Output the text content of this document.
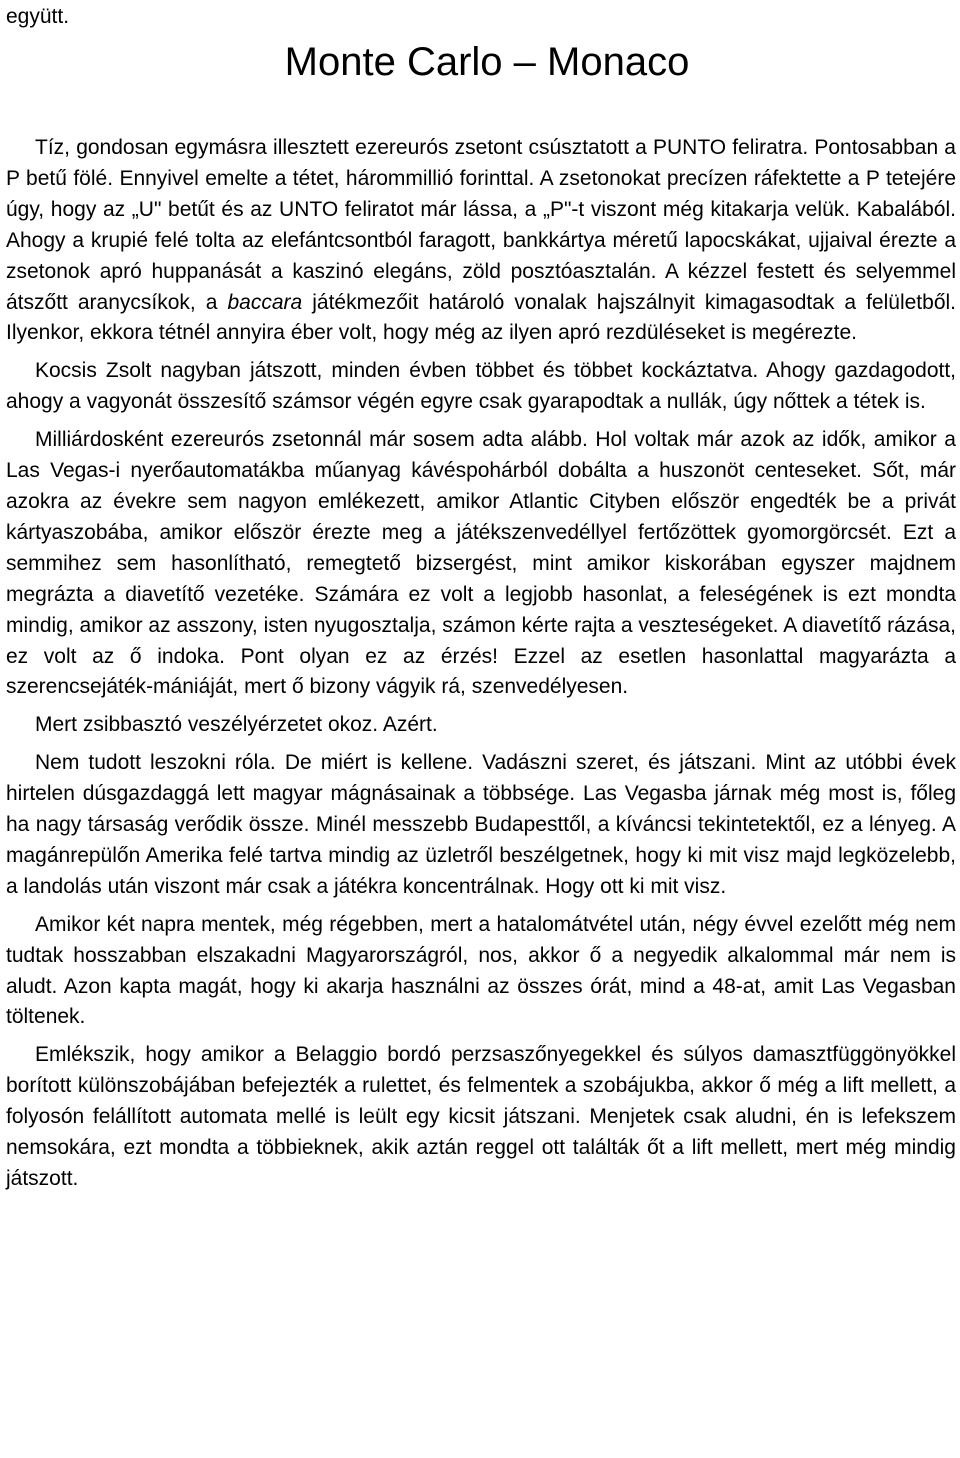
együtt.

Monte Carlo – Monaco

Tíz, gondosan egymásra illesztett ezereurós zsetont csúsztatott a PUNTO feliratra. Pontosabban a P betű fölé. Ennyivel emelte a tétet, hárommillió forinttal. A zsetonokat precízen ráfektette a P tetejére úgy, hogy az „U" betűt és az UNTO feliratot már lássa, a „P"-t viszont még kitakarja velük. Kabalából. Ahogy a krupié felé tolta az elefántcsontból faragott, bankkártya méretű lapocskákat, ujjaival érezte a zsetonok apró huppanását a kaszinó elegáns, zöld posztóasztalán. A kézzel festett és selyemmel átszőtt aranycsíkok, a baccara játékmezőit határoló vonalak hajszálnyit kimagasodtak a felületből. Ilyenkor, ekkora tétnél annyira éber volt, hogy még az ilyen apró rezdüléseket is megérezte.

Kocsis Zsolt nagyban játszott, minden évben többet és többet kockáztatva. Ahogy gazdagodott, ahogy a vagyonát összesítő számsor végén egyre csak gyarapodtak a nullák, úgy nőttek a tétek is.

Milliárdosként ezereurós zsetonnál már sosem adta alább. Hol voltak már azok az idők, amikor a Las Vegas-i nyerőautomatákba műanyag kávéspohárból dobálta a huszonöt centeseket. Sőt, már azokra az évekre sem nagyon emlékezett, amikor Atlantic Cityben először engedték be a privát kártyaszobába, amikor először érezte meg a játékszenvedéllyel fertőzöttek gyomorgörcsét. Ezt a semmihez sem hasonlítható, remegtető bizsergést, mint amikor kiskorában egyszer majdnem megrázta a diavetítő vezetéke. Számára ez volt a legjobb hasonlat, a feleségének is ezt mondta mindig, amikor az asszony, isten nyugosztalja, számon kérte rajta a veszteségeket. A diavetítő rázása, ez volt az ő indoka. Pont olyan ez az érzés! Ezzel az esetlen hasonlattal magyarázta a szerencsejáték-mániáját, mert ő bizony vágyik rá, szenvedélyesen.

Mert zsibbasztó veszélyérzetet okoz. Azért.

Nem tudott leszokni róla. De miért is kellene. Vadászni szeret, és játszani. Mint az utóbbi évek hirtelen dúsgazdaggá lett magyar mágnásainak a többsége. Las Vegasba járnak még most is, főleg ha nagy társaság verődik össze. Minél messzebb Budapesttől, a kíváncsi tekintetektől, ez a lényeg. A magánrepülőn Amerika felé tartva mindig az üzletről beszélgetnek, hogy ki mit visz majd legközelebb, a landolás után viszont már csak a játékra koncentrálnak. Hogy ott ki mit visz.

Amikor két napra mentek, még régebben, mert a hatalomátvétel után, négy évvel ezelőtt még nem tudtak hosszabban elszakadni Magyarországról, nos, akkor ő a negyedik alkalommal már nem is aludt. Azon kapta magát, hogy ki akarja használni az összes órát, mind a 48-at, amit Las Vegasban töltenek.

Emlékszik, hogy amikor a Belaggio bordó perzsaszőnyegekkel és súlyos damasztfüggönyökkel borított különszobájában befejezték a rulettet, és felmentek a szobájukba, akkor ő még a lift mellett, a folyosón felállított automata mellé is leült egy kicsit játszani. Menjetek csak aludni, én is lefekszem nemsokára, ezt mondta a többieknek, akik aztán reggel ott találták őt a lift mellett, mert még mindig játszott.
